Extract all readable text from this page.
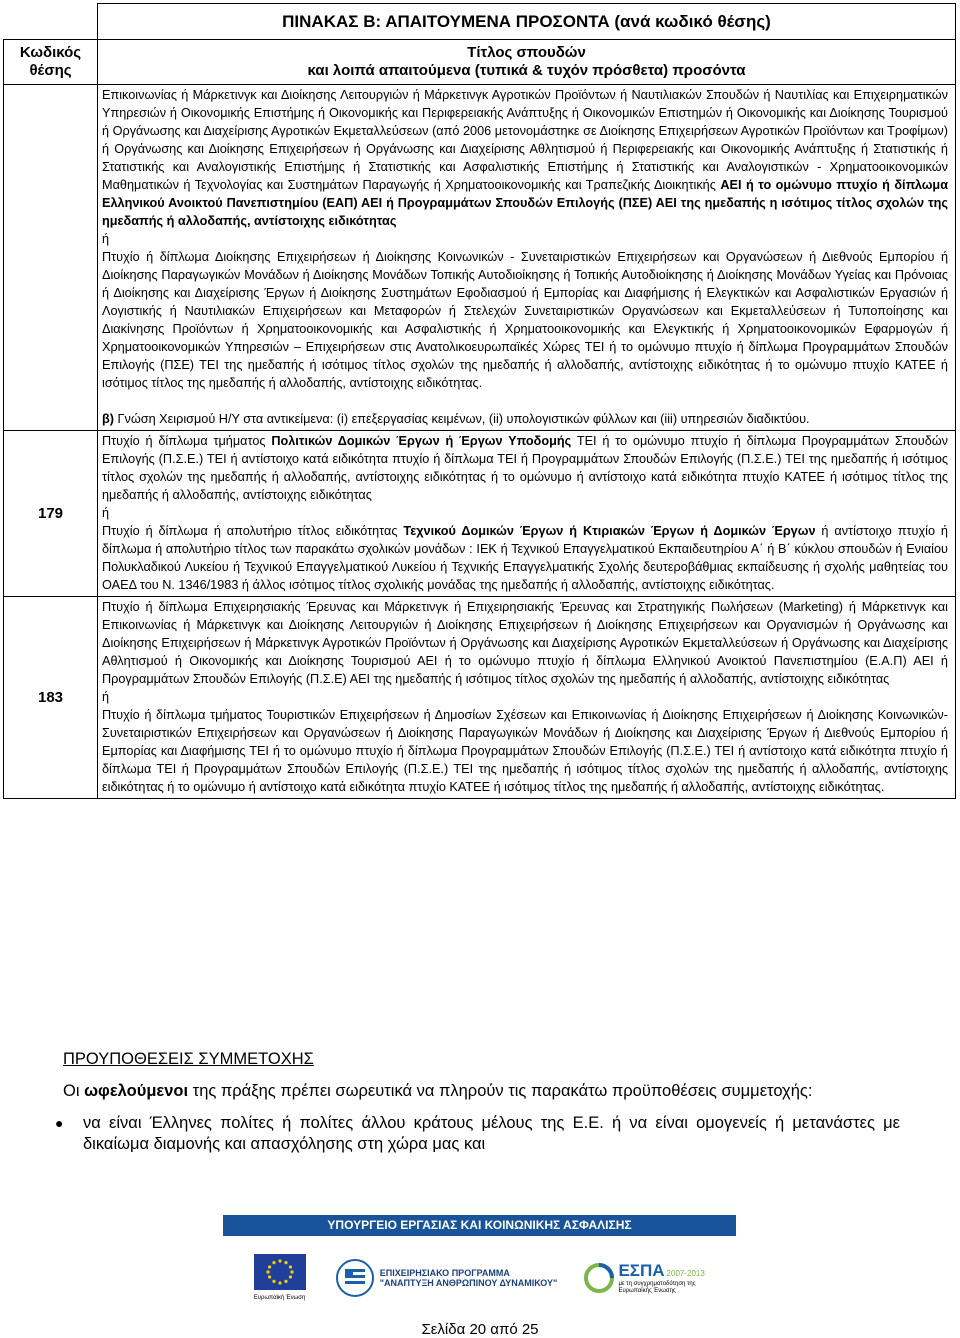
	ΠΙΝΑΚΑΣ Β: ΑΠΑΙΤΟΥΜΕΝΑ ΠΡΟΣΟΝΤΑ (ανά κωδικό θέσης)
Κωδικός θέσης	Τίτλος σπουδών
και λοιπά απαιτούμενα (τυπικά & τυχόν πρόσθετα) προσόντα

	Επικοινωνίας ή Μάρκετινγκ και Διοίκησης Λειτουργιών ή Μάρκετινγκ Αγροτικών Προϊόντων ή Ναυτιλιακών Σπουδών ή Ναυτιλίας και Επιχειρηματικών Υπηρεσιών ή Οικονομικής Επιστήμης ή Οικονομικής και Περιφερειακής Ανάπτυξης ή Οικονομικών Επιστημών ή Οικονομικής και Διοίκησης Τουρισμού ή Οργάνωσης και Διαχείρισης Αγροτικών Εκμεταλλεύσεων (από 2006 μετονομάστηκε σε Διοίκησης Επιχειρήσεων Αγροτικών Προϊόντων και Τροφίμων) ή Οργάνωσης και Διοίκησης Επιχειρήσεων ή Οργάνωσης και Διαχείρισης Αθλητισμού ή Περιφερειακής και Οικονομικής Ανάπτυξης ή Στατιστικής ή Στατιστικής και Αναλογιστικής Επιστήμης ή Στατιστικής και Ασφαλιστικής Επιστήμης ή Στατιστικής και Αναλογιστικών - Χρηματοοικονομικών Μαθηματικών ή Τεχνολογίας και Συστημάτων Παραγωγής ή Χρηματοοικονομικής και Τραπεζικής Διοικητικής ΑΕΙ ή το ομώνυμο πτυχίο ή δίπλωμα Ελληνικού Ανοικτού Πανεπιστημίου (ΕΑΠ) ΑΕΙ ή Προγραμμάτων Σπουδών Επιλογής (ΠΣΕ) ΑΕΙ της ημεδαπής η ισότιμος τίτλος σχολών της ημεδαπής ή αλλοδαπής, αντίστοιχης ειδικότητας

ή

Πτυχίο ή δίπλωμα Διοίκησης Επιχειρήσεων ή Διοίκησης Κοινωνικών - Συνεταιριστικών Επιχειρήσεων και Οργανώσεων ή Διεθνούς Εμπορίου ή Διοίκησης Παραγωγικών Μονάδων ή Διοίκησης Μονάδων Τοπικής Αυτοδιοίκησης ή Τοπικής Αυτοδιοίκησης ή Διοίκησης Μονάδων Υγείας και Πρόνοιας ή Διοίκησης και Διαχείρισης Έργων ή Διοίκησης Συστημάτων Εφοδιασμού ή Εμπορίας και Διαφήμισης ή Ελεγκτικών και Ασφαλιστικών Εργασιών ή Λογιστικής ή Ναυτιλιακών Επιχειρήσεων και Μεταφορών ή Στελεχών Συνεταιριστικών Οργανώσεων και Εκμεταλλεύσεων ή Τυποποίησης και Διακίνησης Προϊόντων ή Χρηματοοικονομικής και Ασφαλιστικής ή Χρηματοοικονομικής και Ελεγκτικής ή Χρηματοοικονομικών Εφαρμογών ή Χρηματοοικονομικών Υπηρεσιών – Επιχειρήσεων στις Ανατολικοευρωπαϊκές Χώρες ΤΕΙ ή το ομώνυμο πτυχίο ή δίπλωμα Προγραμμάτων Σπουδών Επιλογής (ΠΣΕ) ΤΕΙ της ημεδαπής ή ισότιμος τίτλος σχολών της ημεδαπής ή αλλοδαπής, αντίστοιχης ειδικότητας ή το ομώνυμο πτυχίο ΚΑΤΕΕ ή ισότιμος τίτλος της ημεδαπής ή αλλοδαπής, αντίστοιχης ειδικότητας.

β) Γνώση Χειρισμού Η/Υ στα αντικείμενα: (i) επεξεργασίας κειμένων, (ii) υπολογιστικών φύλλων και (iii) υπηρεσιών διαδικτύου.

179	Πτυχίο ή δίπλωμα τμήματος Πολιτικών Δομικών Έργων ή Έργων Υποδομής ΤΕΙ ή το ομώνυμο πτυχίο ή δίπλωμα Προγραμμάτων Σπουδών Επιλογής (Π.Σ.Ε.) ΤΕΙ ή αντίστοιχο κατά ειδικότητα πτυχίο ή δίπλωμα ΤΕΙ ή Προγραμμάτων Σπουδών Επιλογής (Π.Σ.Ε.) ΤΕΙ της ημεδαπής ή ισότιμος τίτλος σχολών της ημεδαπής ή αλλοδαπής, αντίστοιχης ειδικότητας ή το ομώνυμο ή αντίστοιχο κατά ειδικότητα πτυχίο ΚΑΤΕΕ ή ισότιμος τίτλος της ημεδαπής ή αλλοδαπής, αντίστοιχης ειδικότητας

ή

Πτυχίο ή δίπλωμα ή απολυτήριο τίτλος ειδικότητας Τεχνικού Δομικών Έργων ή Κτιριακών Έργων ή Δομικών Έργων ή αντίστοιχο πτυχίο ή δίπλωμα ή απολυτήριο τίτλος των παρακάτω σχολικών μονάδων : ΙΕΚ ή Τεχνικού Επαγγελματικού Εκπαιδευτηρίου Α΄ ή Β΄ κύκλου σπουδών ή Ενιαίου Πολυκλαδικού Λυκείου ή Τεχνικού Επαγγελματικού Λυκείου ή Τεχνικής Επαγγελματικής Σχολής δευτεροβάθμιας εκπαίδευσης ή σχολής μαθητείας του ΟΑΕΔ του Ν. 1346/1983 ή άλλος ισότιμος τίτλος σχολικής μονάδας της ημεδαπής ή αλλοδαπής, αντίστοιχης ειδικότητας.

183	Πτυχίο ή δίπλωμα Επιχειρησιακής Έρευνας και Μάρκετινγκ ή Επιχειρησιακής Έρευνας και Στρατηγικής Πωλήσεων (Marketing) ή Μάρκετινγκ και Επικοινωνίας ή Μάρκετινγκ και Διοίκησης Λειτουργιών ή Διοίκησης Επιχειρήσεων ή Διοίκησης Επιχειρήσεων και Οργανισμών ή Οργάνωσης και Διοίκησης Επιχειρήσεων ή Μάρκετινγκ Αγροτικών Προϊόντων ή Οργάνωσης και Διαχείρισης Αγροτικών Εκμεταλλεύσεων ή Οργάνωσης και Διαχείρισης Αθλητισμού ή Οικονομικής και Διοίκησης Τουρισμού ΑΕΙ ή το ομώνυμο πτυχίο ή δίπλωμα Ελληνικού Ανοικτού Πανεπιστημίου (Ε.Α.Π) ΑΕΙ ή Προγραμμάτων Σπουδών Επιλογής (Π.Σ.Ε) ΑΕΙ της ημεδαπής ή ισότιμος τίτλος σχολών της ημεδαπής ή αλλοδαπής, αντίστοιχης ειδικότητας

ή

Πτυχίο ή δίπλωμα τμήματος Τουριστικών Επιχειρήσεων ή Δημοσίων Σχέσεων και Επικοινωνίας ή Διοίκησης Επιχειρήσεων ή Διοίκησης Κοινωνικών-Συνεταιριστικών Επιχειρήσεων και Οργανώσεων ή Διοίκησης Παραγωγικών Μονάδων ή Διοίκησης και Διαχείρισης Έργων ή Διεθνούς Εμπορίου ή Εμπορίας και Διαφήμισης ΤΕΙ ή το ομώνυμο πτυχίο ή δίπλωμα Προγραμμάτων Σπουδών Επιλογής (Π.Σ.Ε.) ΤΕΙ ή αντίστοιχο κατά ειδικότητα πτυχίο ή δίπλωμα ΤΕΙ ή Προγραμμάτων Σπουδών Επιλογής (Π.Σ.Ε.) ΤΕΙ της ημεδαπής ή ισότιμος τίτλος σχολών της ημεδαπής ή αλλοδαπής, αντίστοιχης ειδικότητας ή το ομώνυμο ή αντίστοιχο κατά ειδικότητα πτυχίο ΚΑΤΕΕ ή ισότιμος τίτλος της ημεδαπής ή αλλοδαπής, αντίστοιχης ειδικότητας.

ΠΡΟΥΠΟΘΕΣΕΙΣ ΣΥΜΜΕΤΟΧΗΣ
Οι ωφελούμενοι της πράξης πρέπει σωρευτικά να πληρούν τις παρακάτω προϋποθέσεις συμμετοχής:
●	να είναι Έλληνες πολίτες ή πολίτες άλλου κράτους μέλους της Ε.Ε. ή να είναι ομογενείς ή μετανάστες με δικαίωμα διαμονής και απασχόλησης στη χώρα μας και
ΥΠΟΥΡΓΕΙΟ ΕΡΓΑΣΙΑΣ ΚΑΙ ΚΟΙΝΩΝΙΚΗΣ ΑΣΦΑΛΙΣΗΣ
Ευρωπαϊκή Ένωση
ΕΠΙΧΕΙΡΗΣΙΑΚΟ ΠΡΟΓΡΑΜΜΑ
"ΑΝΑΠΤΥΞΗ ΑΝΘΡΩΠΙΝΟΥ ΔΥΝΑΜΙΚΟΥ"
ΕΣΠΑ 2007-2013
με τη συγχρηματοδότηση της Ευρωπαϊκής Ένωσης
Σελίδα 20 από 25
